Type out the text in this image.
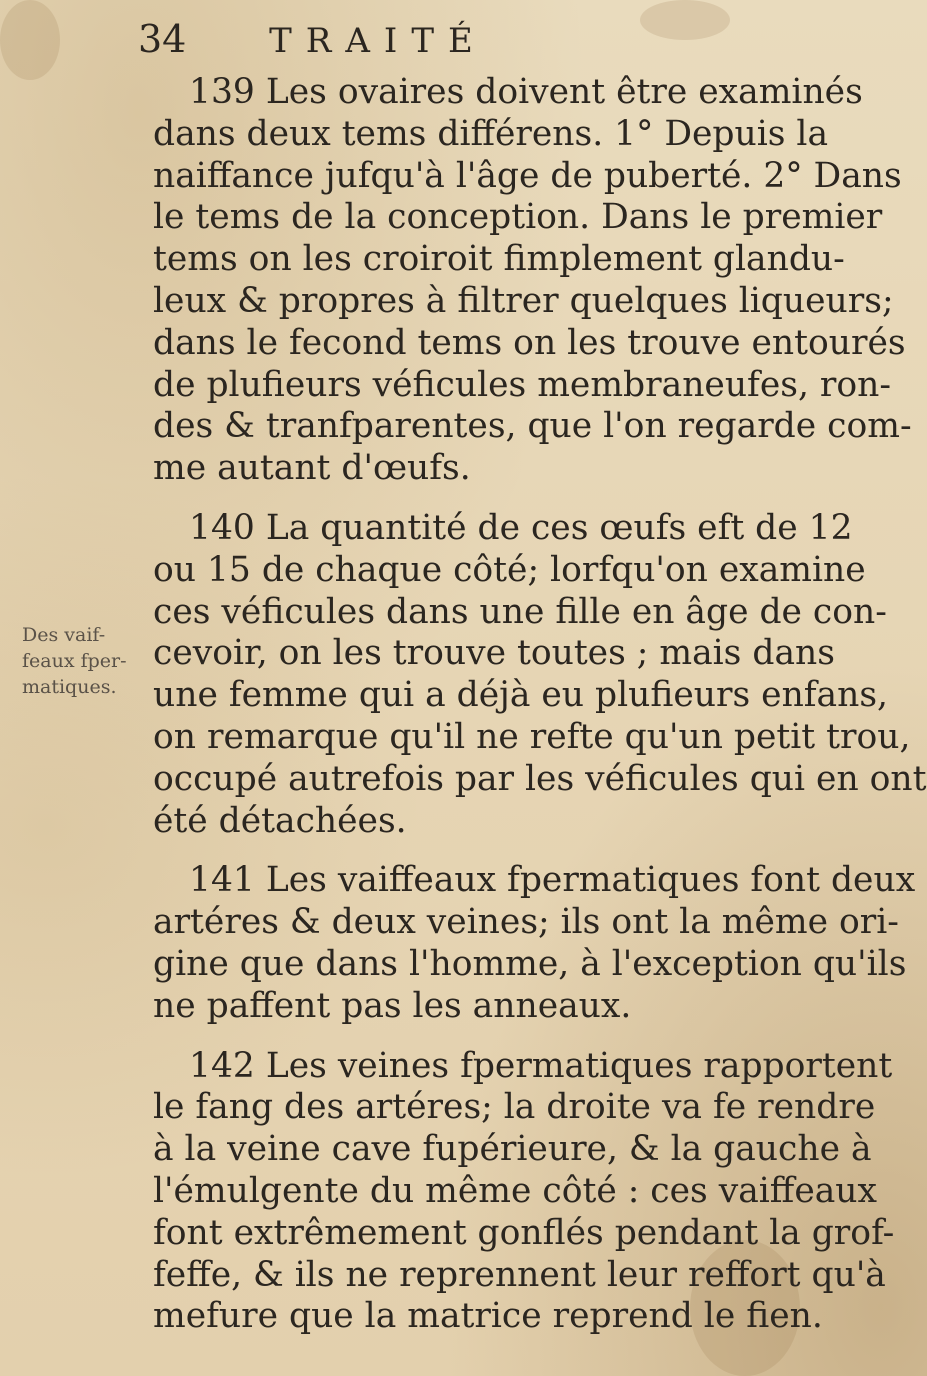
34 TRAITÉ
Des vaif-
feaux fper-
matiques.
139 Les ovaires doivent être examinés
dans deux tems différens. 1° Depuis la
naiffance jufqu'à l'âge de puberté. 2° Dans
le tems de la conception. Dans le premier
tems on les croiroit fimplement glandu-
leux & propres à filtrer quelques liqueurs;
dans le fecond tems on les trouve entourés
de plufieurs véficules membraneufes, ron-
des & tranfparentes, que l'on regarde com-
me autant d'œufs.
140 La quantité de ces œufs eft de 12
ou 15 de chaque côté; lorfqu'on examine
ces véficules dans une fille en âge de con-
cevoir, on les trouve toutes ; mais dans
une femme qui a déjà eu plufieurs enfans,
on remarque qu'il ne refte qu'un petit trou,
occupé autrefois par les véficules qui en ont
été détachées.
141 Les vaiffeaux fpermatiques font deux
artéres & deux veines; ils ont la même ori-
gine que dans l'homme, à l'exception qu'ils
ne paffent pas les anneaux.
142 Les veines fpermatiques rapportent
le fang des artéres; la droite va fe rendre
à la veine cave fupérieure, & la gauche à
l'émulgente du même côté : ces vaiffeaux
font extrêmement gonflés pendant la grof-
feffe, & ils ne reprennent leur reffort qu'à
mefure que la matrice reprend le fien.
